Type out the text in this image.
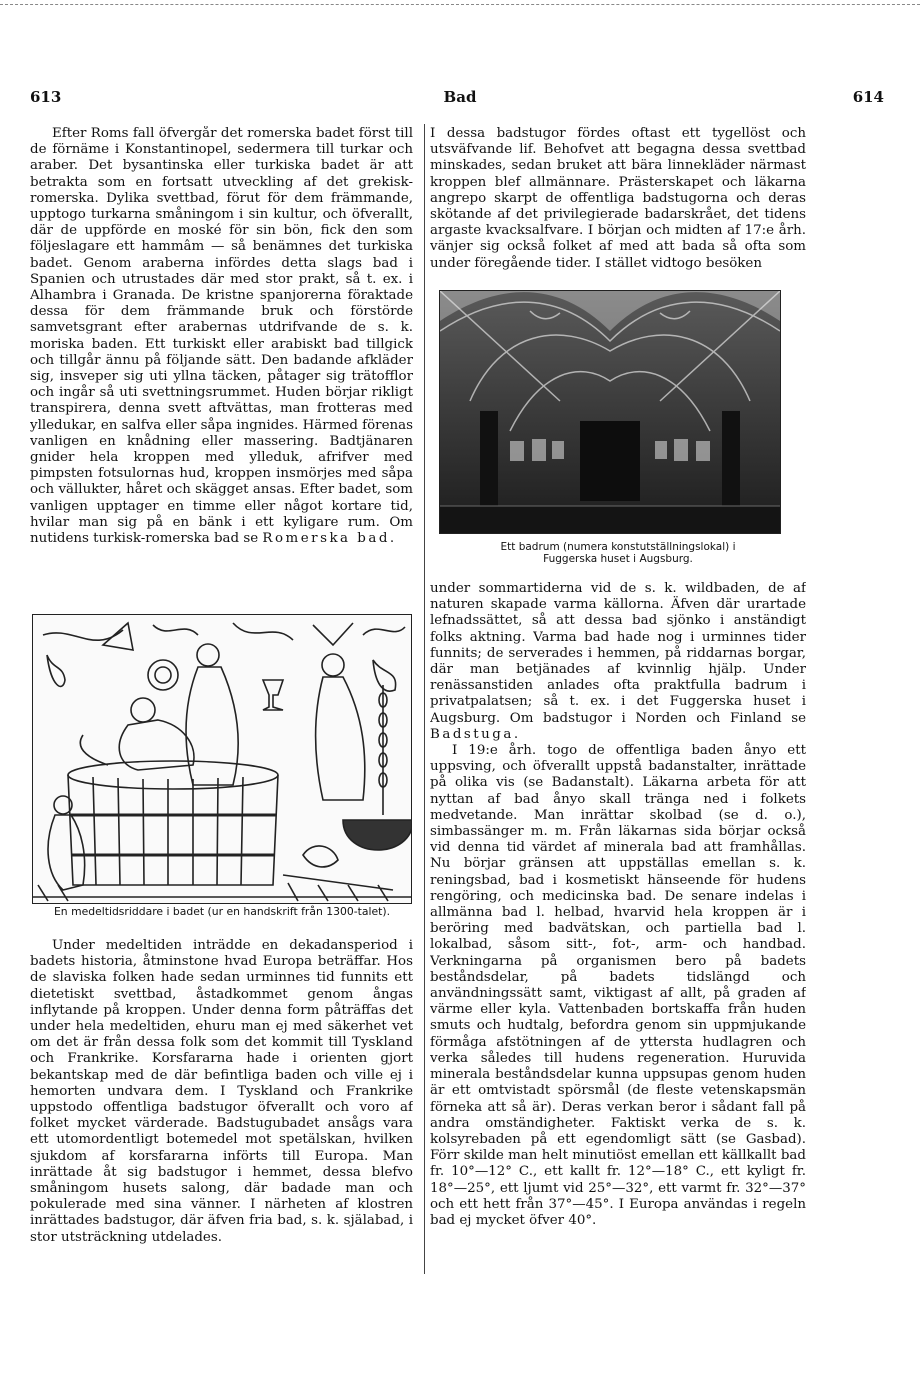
613	Bad	614

Efter Roms fall öfvergår det romerska badet först till de förnäme i Konstantinopel, sedermera till turkar och araber. Det bysantinska eller turkiska badet är att betrakta som en fortsatt utveckling af det grekisk-romerska. Dylika svettbad, förut för dem främmande, upptogo turkarna småningom i sin kultur, och öfverallt, där de uppförde en moské för sin bön, fick den som följeslagare ett hammâm — så benämnes det turkiska badet. Genom araberna infördes detta slags bad i Spanien och utrustades där med stor prakt, så t. ex. i Alhambra i Granada. De kristne spanjorerna föraktade dessa för dem främmande bruk och förstörde samvetsgrant efter arabernas utdrifvande de s. k. moriska baden. Ett turkiskt eller arabiskt bad tillgick och tillgår ännu på följande sätt. Den badande afkläder sig, insveper sig uti yllna täcken, påtager sig trätofflor och ingår så uti svettningsrummet. Huden börjar rikligt transpirera, denna svett aftvättas, man frotteras med ylledukar, en salfva eller såpa ingnides. Härmed förenas vanligen en knådning eller massering. Badtjänaren gnider hela kroppen med ylleduk, afrifver med pimpsten fotsulornas hud, kroppen insmörjes med såpa och vällukter, håret och skägget ansas. Efter badet, som vanligen upptager en timme eller något kortare tid, hvilar man sig på en bänk i ett kyligare rum. Om nutidens turkisk-romerska bad se Romerska bad.

En medeltidsriddare i badet (ur en handskrift från 1300-talet).

Under medeltiden inträdde en dekadansperiod i badets historia, åtminstone hvad Europa beträffar. Hos de slaviska folken hade sedan urminnes tid funnits ett dietetiskt svettbad, åstadkommet genom ångas inflytande på kroppen. Under denna form påträffas det under hela medeltiden, ehuru man ej med säkerhet vet om det är från dessa folk som det kommit till Tyskland och Frankrike. Korsfararna hade i orienten gjort bekantskap med de där befintliga baden och ville ej i hemorten undvara dem. I Tyskland och Frankrike uppstodo offentliga badstugor öfverallt och voro af folket mycket värderade. Badstugubadet ansågs vara ett utomordentligt botemedel mot spetälskan, hvilken sjukdom af korsfararna införts till Europa. Man inrättade åt sig badstugor i hemmet, dessa blefvo småningom husets salong, där badade man och pokulerade med sina vänner. I närheten af klostren inrättades badstugor, där äfven fria bad, s. k. själabad, i stor utsträckning utdelades.

I dessa badstugor fördes oftast ett tygellöst och utsväfvande lif. Behofvet att begagna dessa svettbad minskades, sedan bruket att bära linnekläder närmast kroppen blef allmännare. Prästerskapet och läkarna angrepo skarpt de offentliga badstugorna och deras skötande af det privilegierade badarskrået, det tidens argaste kvacksalfvare. I början och midten af 17:e årh. vänjer sig också folket af med att bada så ofta som under föregående tider. I stället vidtogo besöken

Ett badrum (numera konstutställningslokal) i
Fuggerska huset i Augsburg.

under sommartiderna vid de s. k. wildbaden, de af naturen skapade varma källorna. Äfven där urartade lefnadssättet, så att dessa bad sjönko i anständigt folks aktning. Varma bad hade nog i urminnes tider funnits; de serverades i hemmen, på riddarnas borgar, där man betjänades af kvinnlig hjälp. Under renässanstiden anlades ofta praktfulla badrum i privatpalatsen; så t. ex. i det Fuggerska huset i Augsburg. Om badstugor i Norden och Finland se Badstuga.

I 19:e årh. togo de offentliga baden ånyo ett uppsving, och öfverallt uppstå badanstalter, inrättade på olika vis (se Badanstalt). Läkarna arbeta för att nyttan af bad ånyo skall tränga ned i folkets medvetande. Man inrättar skolbad (se d. o.), simbassänger m. m. Från läkarnas sida börjar också vid denna tid värdet af minerala bad att framhållas. Nu börjar gränsen att uppställas emellan s. k. reningsbad, bad i kosmetiskt hänseende för hudens rengöring, och medicinska bad. De senare indelas i allmänna bad l. helbad, hvarvid hela kroppen är i beröring med badvätskan, och partiella bad l. lokalbad, såsom sitt-, fot-, arm- och handbad. Verkningarna på organismen bero på badets beståndsdelar, på badets tidslängd och användningssätt samt, viktigast af allt, på graden af värme eller kyla. Vattenbaden bortskaffa från huden smuts och hudtalg, befordra genom sin uppmjukande förmåga afstötningen af de yttersta hudlagren och verka således till hudens regeneration. Huruvida minerala beståndsdelar kunna uppsupas genom huden är ett omtvistadt spörsmål (de fleste vetenskapsmän förneka att så är). Deras verkan beror i sådant fall på andra omständigheter. Faktiskt verka de s. k. kolsyrebaden på ett egendomligt sätt (se Gasbad). Förr skilde man helt minutiöst emellan ett källkallt bad fr. 10°—12° C., ett kallt fr. 12°—18° C., ett kyligt fr. 18°—25°, ett ljumt vid 25°—32°, ett varmt fr. 32°—37° och ett hett från 37°—45°. I Europa användas i regeln bad ej mycket öfver 40°.
